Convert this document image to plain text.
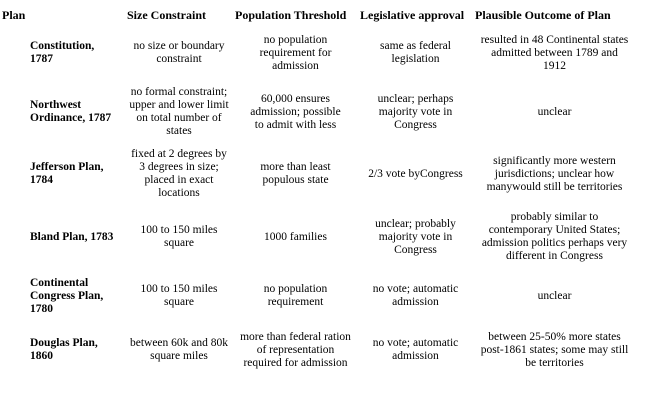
Plan	Size Constraint	Population Threshold	Legislative approval	Plausible Outcome of Plan
Constitution, 1787	no size or boundary constraint	no population requirement for admission	same as federal legislation	resulted in 48 Continental states admitted between 1789 and 1912
Northwest Ordinance, 1787	no formal constraint; upper and lower limit on total number of states	60,000 ensures admission; possible to admit with less	unclear; perhaps majority vote in Congress	unclear
Jefferson Plan, 1784	fixed at 2 degrees by 3 degrees in size; placed in exact locations	more than least populous state	2/3 vote byCongress	significantly more western jurisdictions; unclear how manywould still be territories
Bland Plan, 1783	100 to 150 miles square	1000 families	unclear; probably majority vote in Congress	probably similar to contemporary United States; admission politics perhaps very different in Congress
Continental Congress Plan, 1780	100 to 150 miles square	no population requirement	no vote; automatic admission	unclear
Douglas Plan, 1860	between 60k and 80k square miles	more than federal ration of representation required for admission	no vote; automatic admission	between 25-50% more states post-1861 states; some may still be territories
